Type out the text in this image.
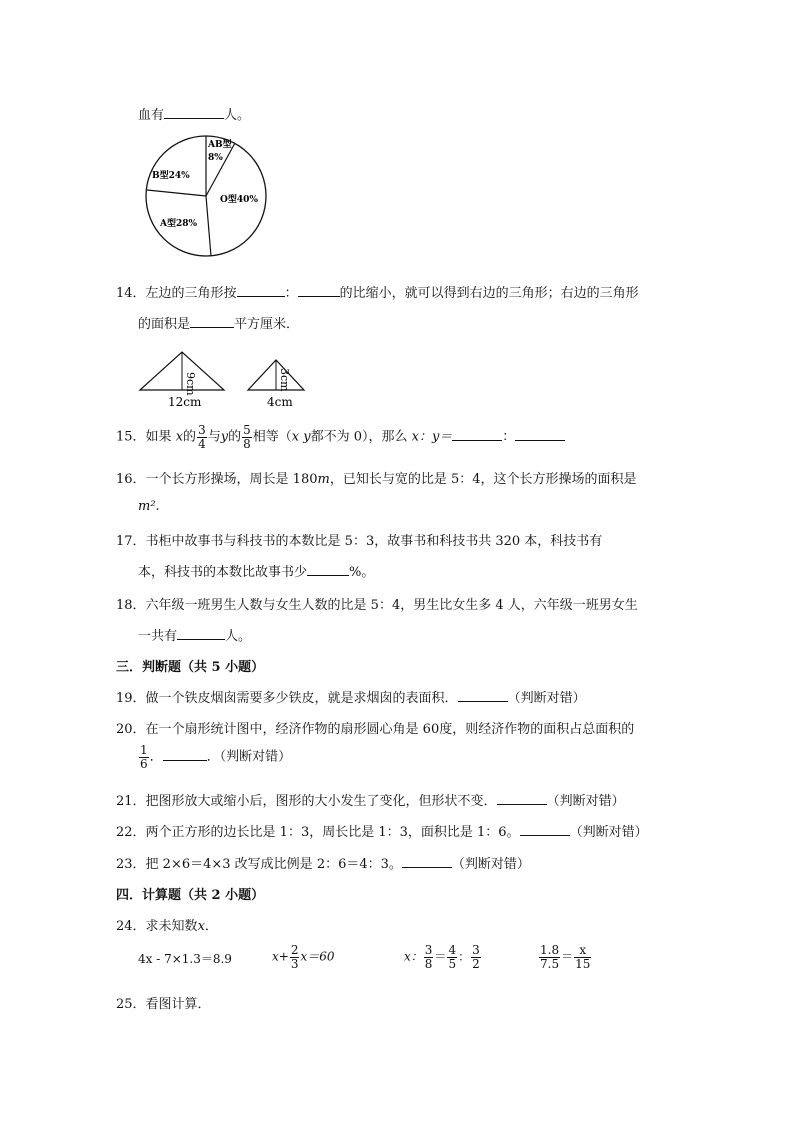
血有	人。
AB型
8%
B型24%
O型40%
A型28%
14．左边的三角形按	：	的比缩小，就可以得到右边的三角形；右边的三角形
的面积是	平方厘米．
9cm
12cm
3cm
4cm
15．如果 x的 $\frac{3}{4}$ 与y的 $\frac{5}{8}$ 相等（x y都不为 0），那么 x：y＝	：
16．一个长方形操场，周长是 180m，已知长与宽的比是 5：4，这个长方形操场的面积是
m².
17．书柜中故事书与科技书的本数比是 5：3，故事书和科技书共 320 本，科技书有
本，科技书的本数比故事书少	%。
18．六年级一班男生人数与女生人数的比是 5：4，男生比女生多 4 人，六年级一班男女生
一共有	人。
三．判断题（共 5 小题）
19．做一个铁皮烟囱需要多少铁皮，就是求烟囱的表面积．	（判断对错）
20．在一个扇形统计图中，经济作物的扇形圆心角是 60度，则经济作物的面积占总面积的
$\frac{1}{6}$ ．	．（判断对错）
21．把图形放大或缩小后，图形的大小发生了变化，但形状不变．	（判断对错）
22．两个正方形的边长比是 1：3，周长比是 1：3，面积比是 1：6。	（判断对错）
23．把 2×6＝4×3 改写成比例是 2：6＝4：3。	（判断对错）
四．计算题（共 2 小题）
24．求未知数x．
4x - 7×1.3＝8.9	$x+ \frac{2}{3} x=60$	x： $\frac{3}{8} = \frac{4}{5}$ ： $\frac{3}{2}$	$\frac{1.8}{7.5} = \frac{x}{15}$
25．看图计算．
